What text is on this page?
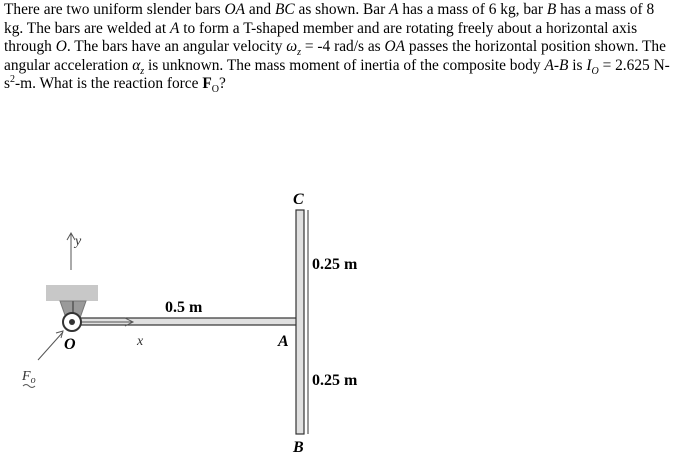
There are two uniform slender bars OA and BC as shown. Bar A has a mass of 6 kg, bar B has a mass of 8 kg. The bars are welded at A to form a T-shaped member and are rotating freely about a horizontal axis through O. The bars have an angular velocity $\omega_z = -4$ rad/s as OA passes the horizontal position shown. The angular acceleration $\alpha_z$ is unknown. The mass moment of inertia of the composite body A-B is $I_O = 2.625$ $N-s^2-m$. What is the reaction force $F_O$?
C
A
B
O
0.5 m
0.25 m
0.25 m
y
x
$F_o$
